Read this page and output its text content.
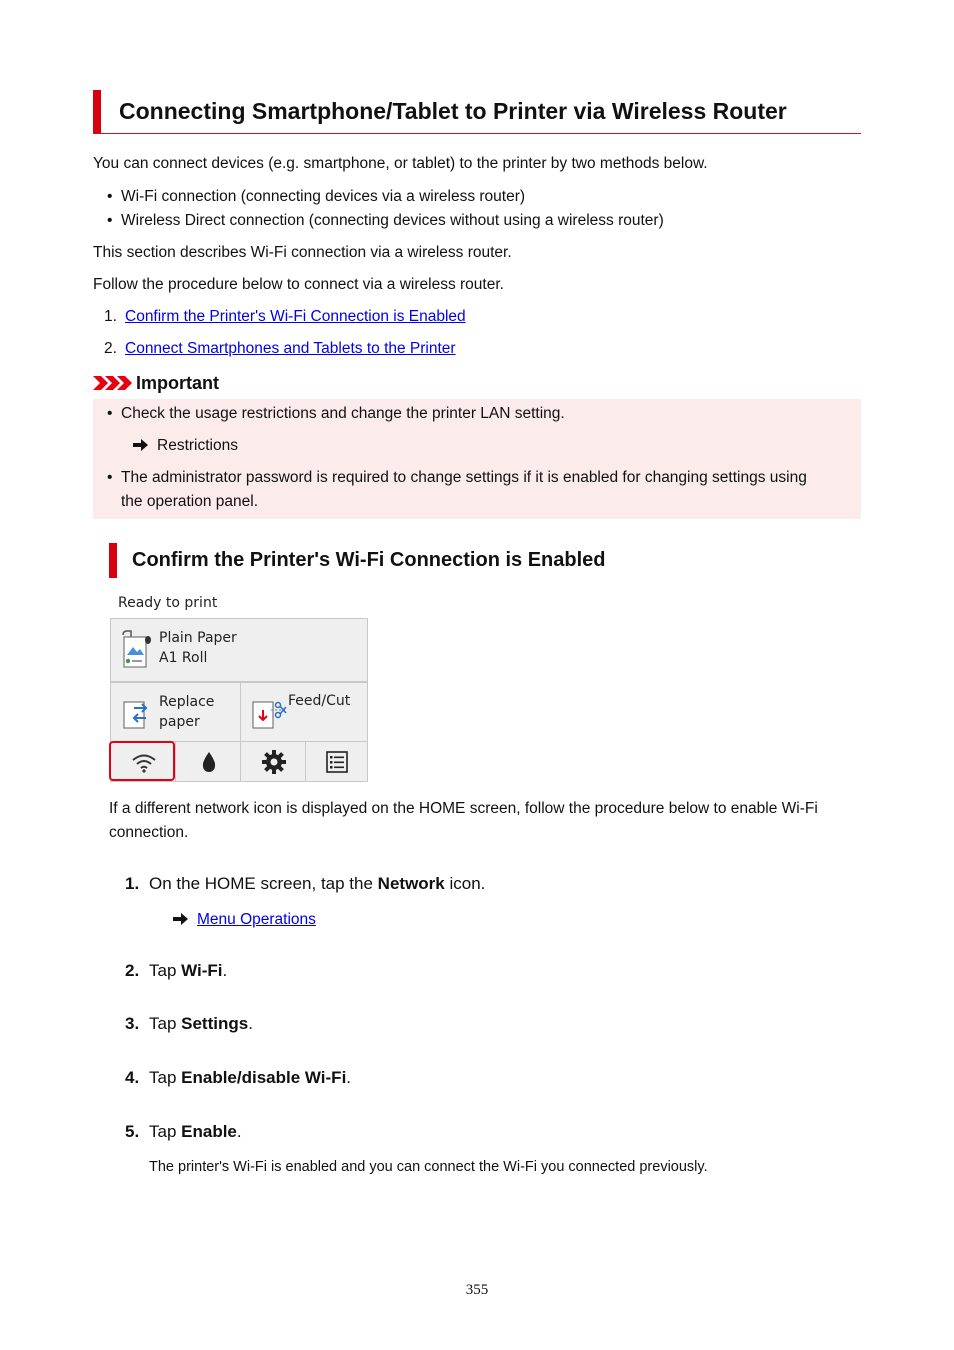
Connecting Smartphone/Tablet to Printer via Wireless Router
You can connect devices (e.g. smartphone, or tablet) to the printer by two methods below.
• Wi-Fi connection (connecting devices via a wireless router)
• Wireless Direct connection (connecting devices without using a wireless router)
This section describes Wi-Fi connection via a wireless router.
Follow the procedure below to connect via a wireless router.
1. Confirm the Printer's Wi-Fi Connection is Enabled
2. Connect Smartphones and Tablets to the Printer
Important
• Check the usage restrictions and change the printer LAN setting.
Restrictions
• The administrator password is required to change settings if it is enabled for changing settings using
the operation panel.
Confirm the Printer's Wi-Fi Connection is Enabled
Ready to print
Plain Paper
A1 Roll
Replace
paper
Feed/Cut
If a different network icon is displayed on the HOME screen, follow the procedure below to enable Wi-Fi
connection.
1. On the HOME screen, tap the Network icon.
Menu Operations
2. Tap Wi-Fi.
3. Tap Settings.
4. Tap Enable/disable Wi-Fi.
5. Tap Enable.
The printer's Wi-Fi is enabled and you can connect the Wi-Fi you connected previously.
355
